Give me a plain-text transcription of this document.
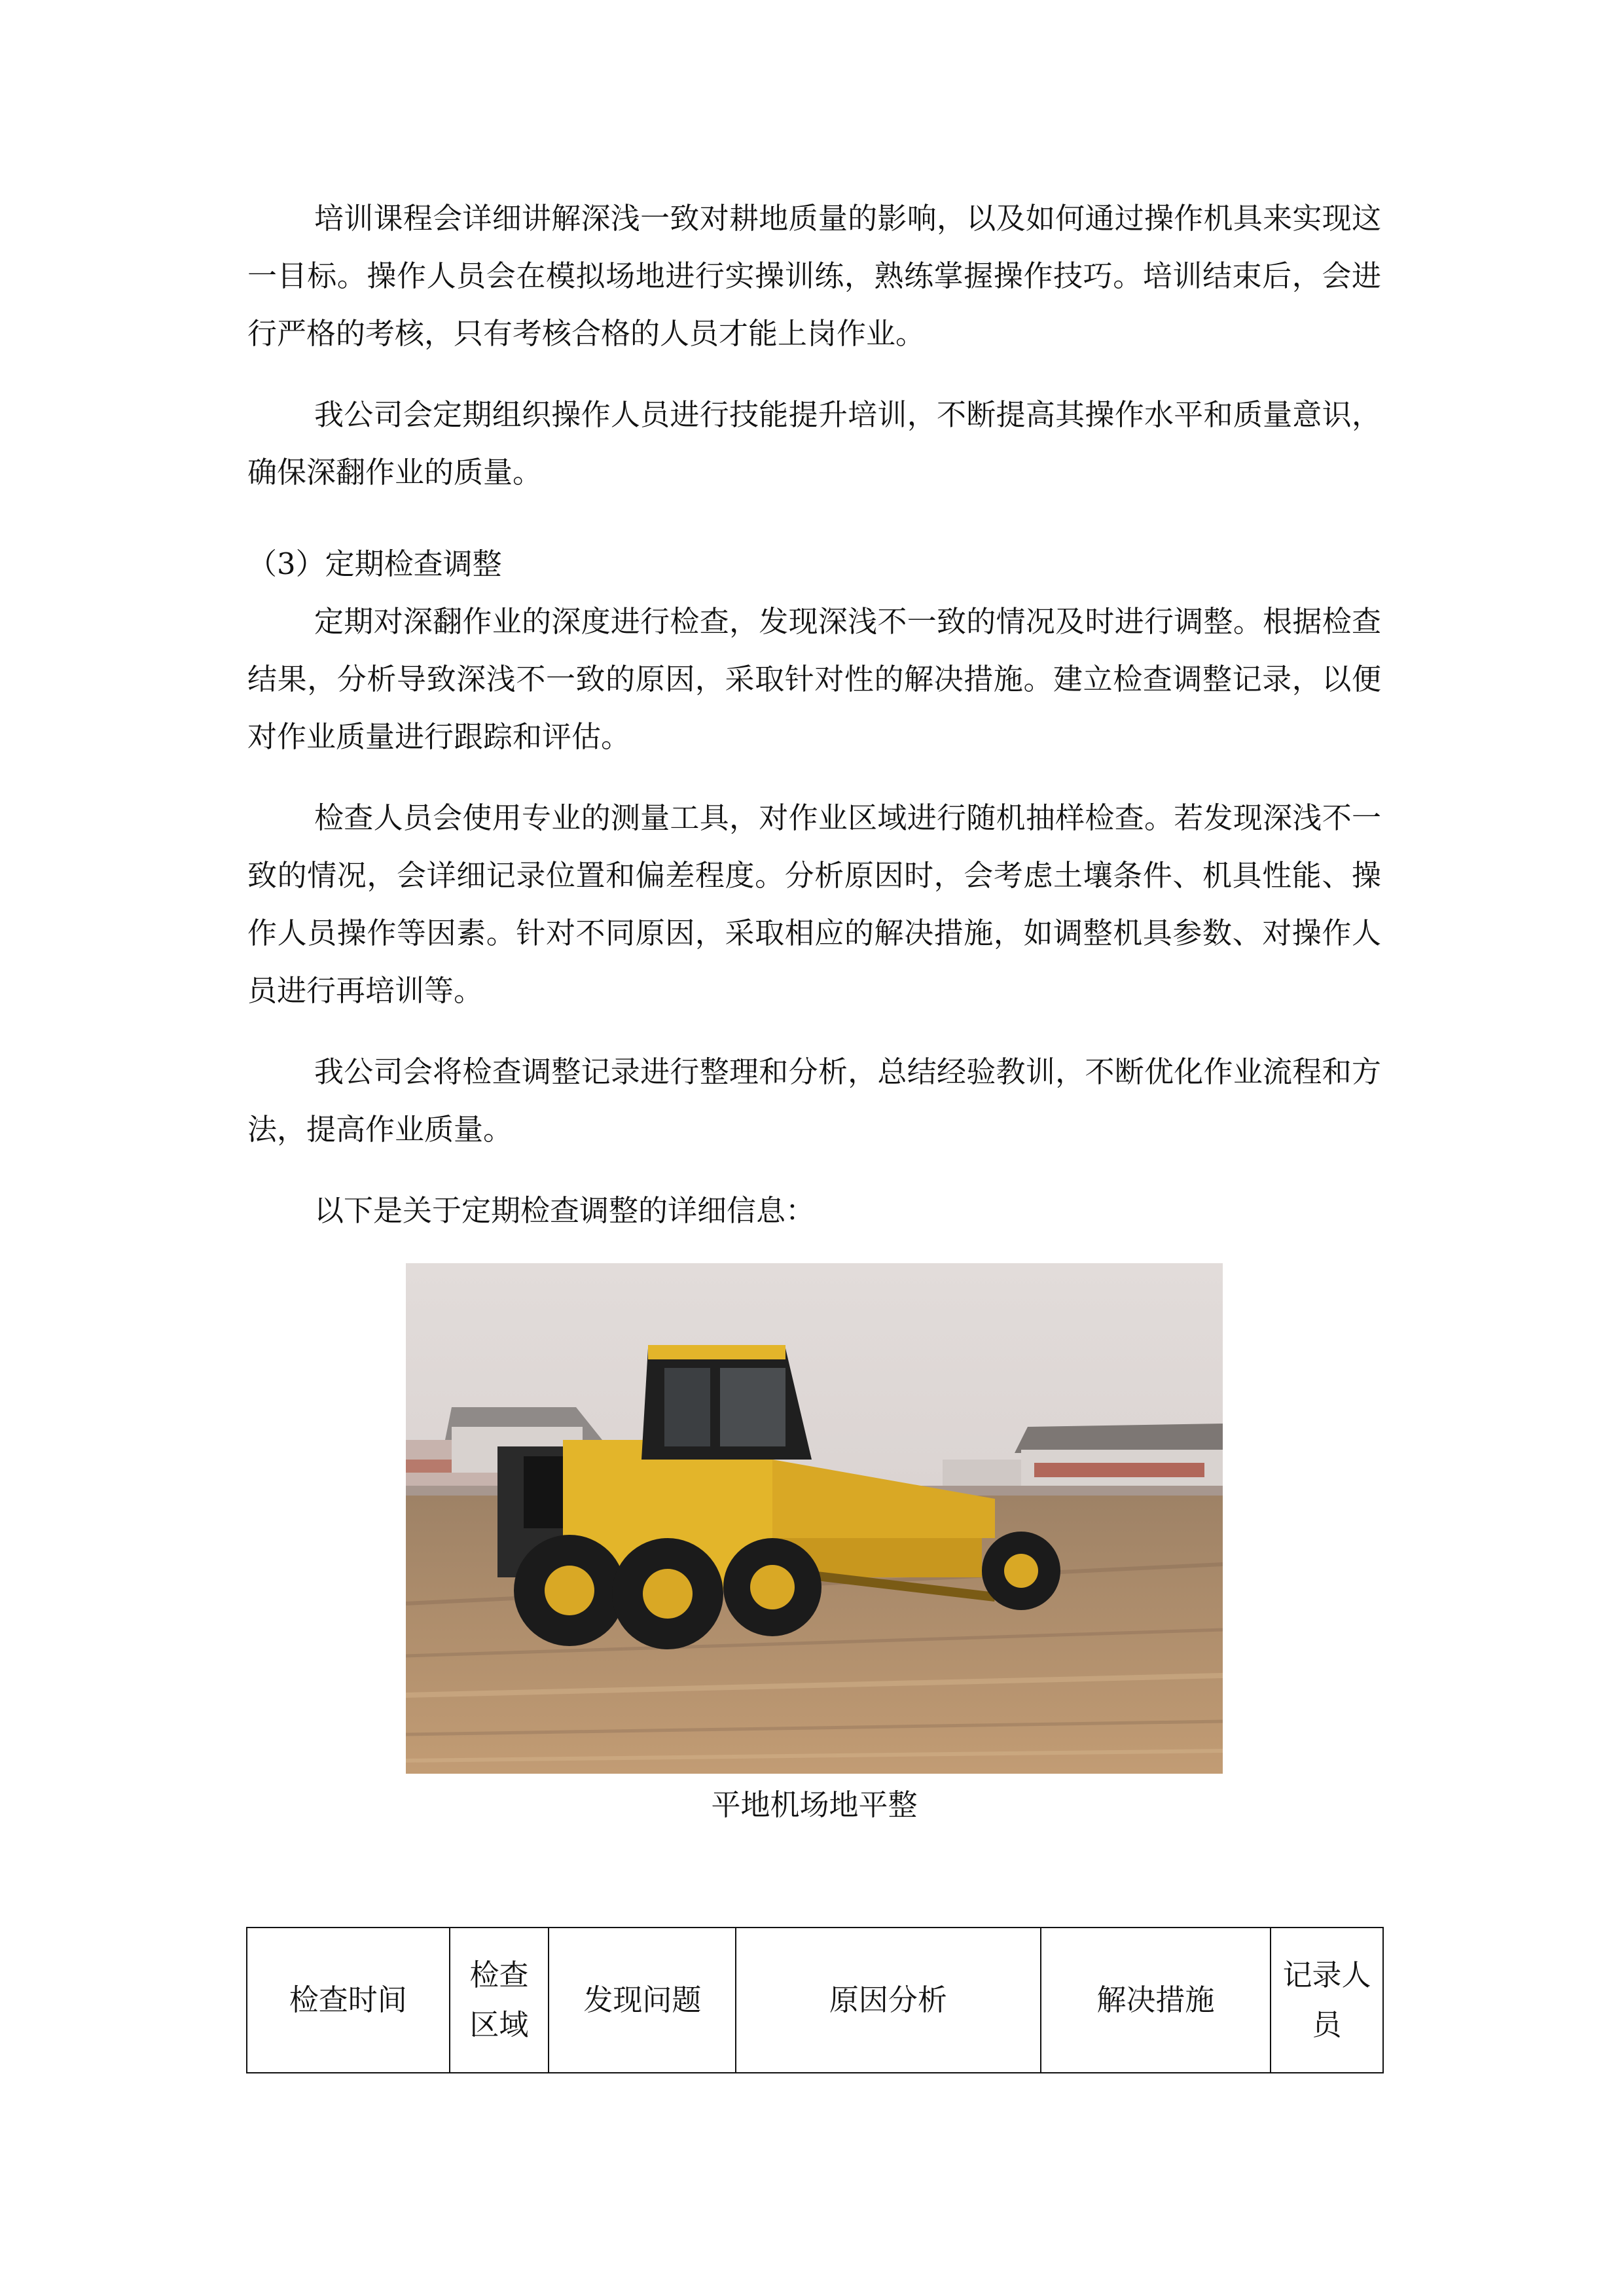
培训课程会详细讲解深浅一致对耕地质量的影响，以及如何通过操作机具来实现这一目标。操作人员会在模拟场地进行实操训练，熟练掌握操作技巧。培训结束后，会进行严格的考核，只有考核合格的人员才能上岗作业。

我公司会定期组织操作人员进行技能提升培训，不断提高其操作水平和质量意识，确保深翻作业的质量。

（3）定期检查调整

定期对深翻作业的深度进行检查，发现深浅不一致的情况及时进行调整。根据检查结果，分析导致深浅不一致的原因，采取针对性的解决措施。建立检查调整记录，以便对作业质量进行跟踪和评估。

检查人员会使用专业的测量工具，对作业区域进行随机抽样检查。若发现深浅不一致的情况，会详细记录位置和偏差程度。分析原因时，会考虑土壤条件、机具性能、操作人员操作等因素。针对不同原因，采取相应的解决措施，如调整机具参数、对操作人员进行再培训等。

我公司会将检查调整记录进行整理和分析，总结经验教训，不断优化作业流程和方法，提高作业质量。

以下是关于定期检查调整的详细信息：

平地机场地平整
检查时间	检查区域	发现问题	原因分析	解决措施	记录人员
